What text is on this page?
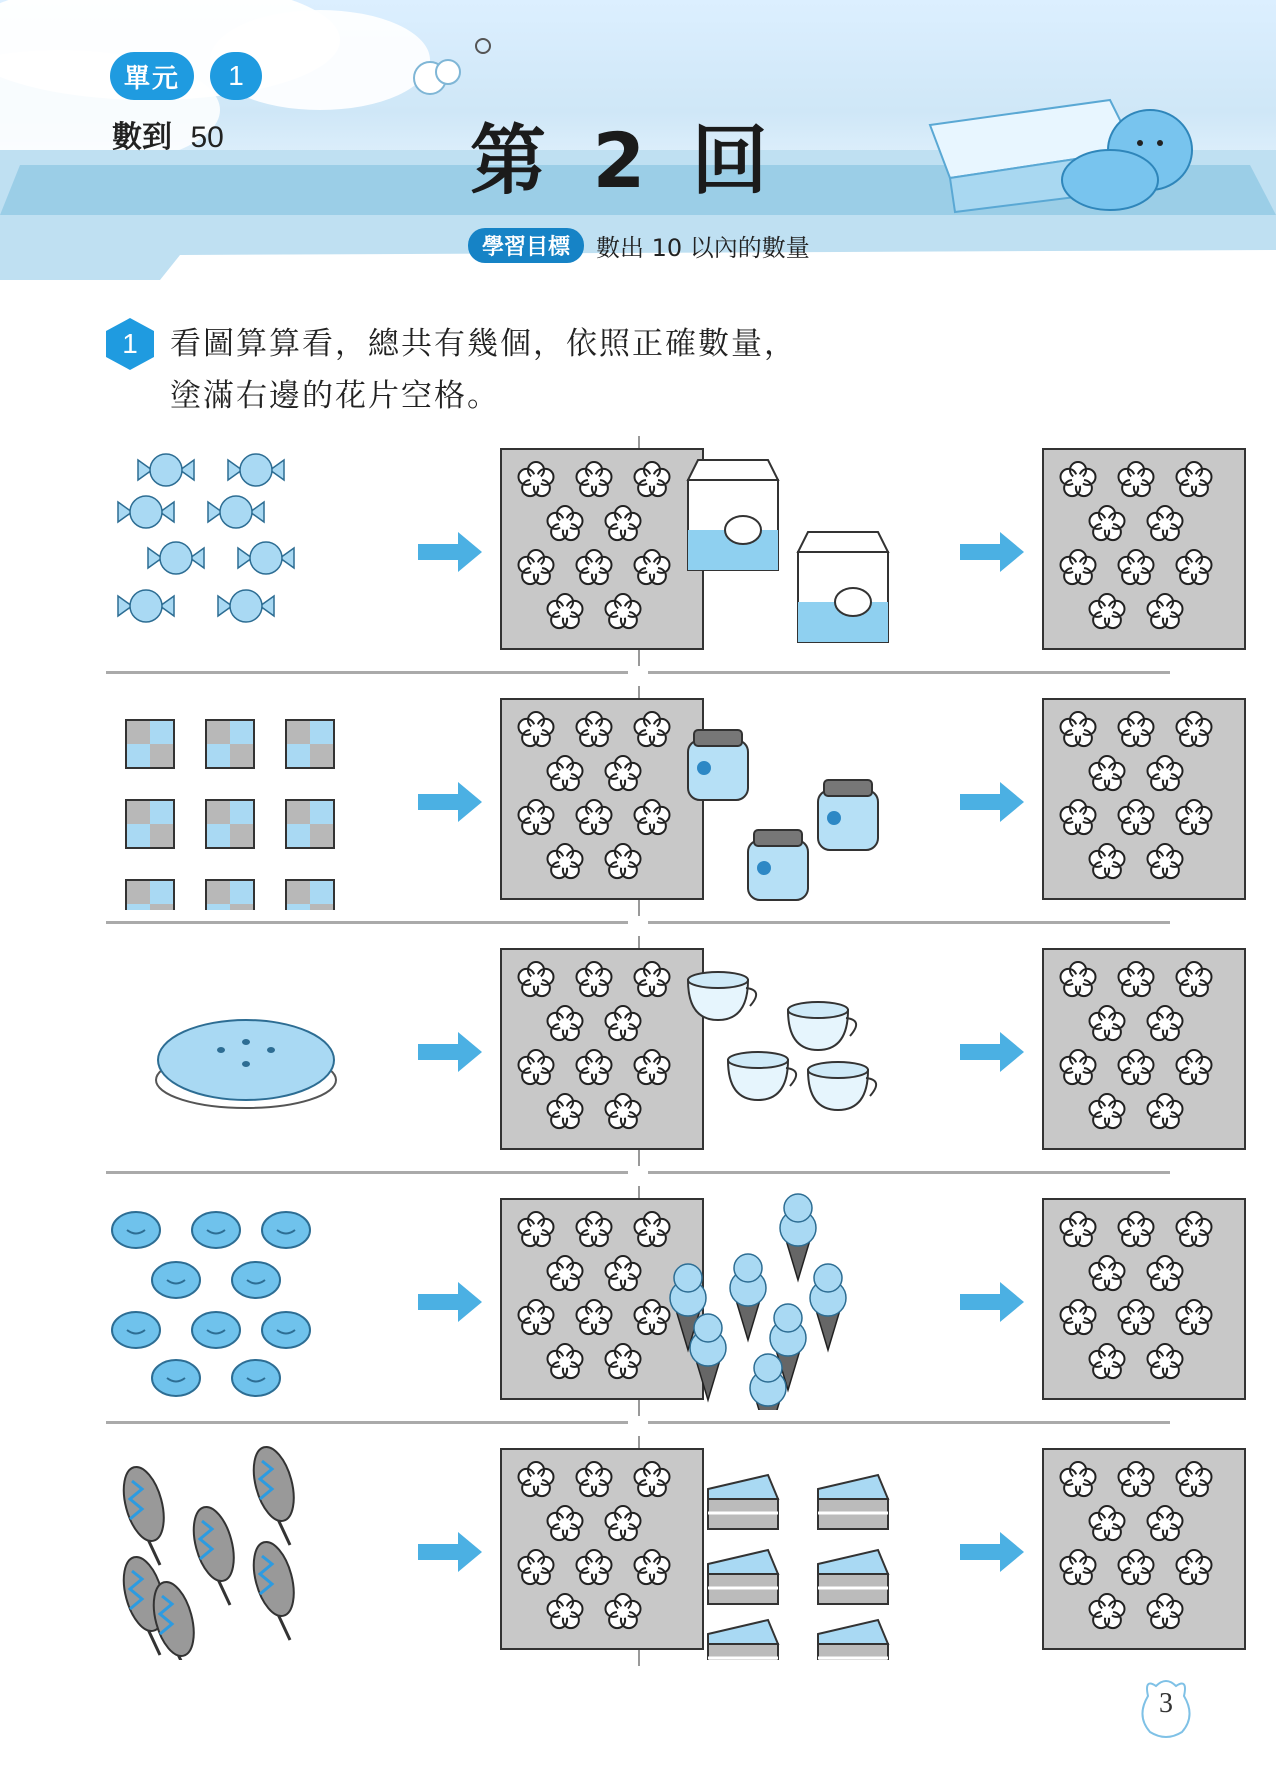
單元	1
數到 50	第 2 回
學習目標	數出 10 以內的數量
1	看圖算算看，總共有幾個，依照正確數量，
塗滿右邊的花片空格。
3
